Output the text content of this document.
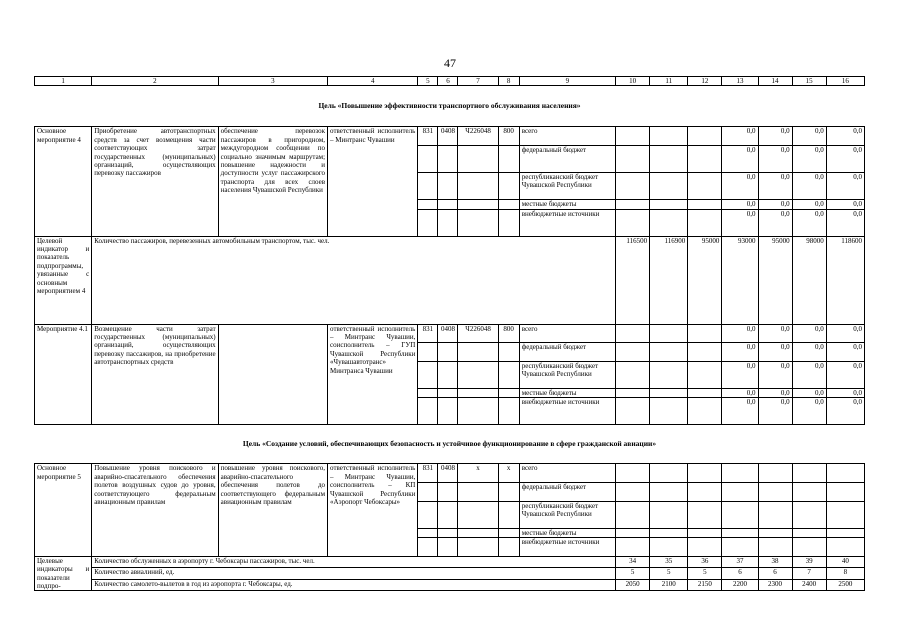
47
1	2	3	4	5	6	7	8	9	10	11	12	13	14	15	16
Цель «Повышение эффективности транспортного обслуживания населения»															
Основное мероприятие 4	Приобретение автотранспортных средств за счет возмещения части соответствующих затрат государственных (муниципальных) организаций, осуществляющих перевозку пассажиров	обеспечение перевозок пассажиров в пригородном, междугородном сообщении по социально значимым маршрутам; повышение надежности и доступности услуг пассажирского транспорта для всех слоев населения Чувашской Республики	ответственный исполнитель – Минтранс Чувашии	831	0408	Ч226048	800	всего				0,0	0,0	0,0	0,0
								федеральный бюджет				0,0	0,0	0,0	0,0
								республиканский бюджет Чувашской Республики				0,0	0,0	0,0	0,0
								местные бюджеты				0,0	0,0	0,0	0,0
								внебюджетные источники				0,0	0,0	0,0	0,0
Целевой индикатор и показатель подпрограммы, увязанные с основным мероприятием 4	Количество пассажиров, перевезенных автомобильным транспортом, тыс. чел.								116500	116900	95000	93000	95000	98000	118600
Мероприятие 4.1	Возмещение части затрат государственных (муниципальных) организаций, осуществляющих перевозку пассажиров, на приобретение автотранспортных средств		ответственный исполнитель – Минтранс Чувашии, соисполнитель – ГУП Чувашской Республики «Чувашавтотранс» Минтранса Чувашии	831	0408	Ч226048	800	всего				0,0	0,0	0,0	0,0
								федеральный бюджет				0,0	0,0	0,0	0,0
								республиканский бюджет Чувашской Республики				0,0	0,0	0,0	0,0
								местные бюджеты				0,0	0,0	0,0	0,0
								внебюджетные источники				0,0	0,0	0,0	0,0
Цель «Создание условий, обеспечивающих безопасность и устойчивое функционирование в сфере гражданской авиации»															
Основное мероприятие 5	Повышение уровня поискового и аварийно-спасательного обеспечения полетов воздушных судов до уровня, соответствующего федеральным авиационным правилам	повышение уровня поискового, аварийно-спасательного обеспечения полетов до соответствующего федеральным авиационным правилам	ответственный исполнитель – Минтранс Чувашии, соисполнитель – КП Чувашской Республики «Аэропорт Чебоксары»	831	0408	x	x	всего							
								федеральный бюджет							
								республиканский бюджет Чувашской Республики							
								местные бюджеты							
								внебюджетные источники							
Целевые индикаторы и показатели подпро-	Количество обслуженных в аэропорту г. Чебоксары пассажиров, тыс. чел.								34	35	36	37	38	39	40
	Количество авиалиний, ед.								5	5	5	6	6	7	8
	Количество самолето-вылетов в год из аэропорта г. Чебоксары, ед.								2050	2100	2150	2200	2300	2400	2500
